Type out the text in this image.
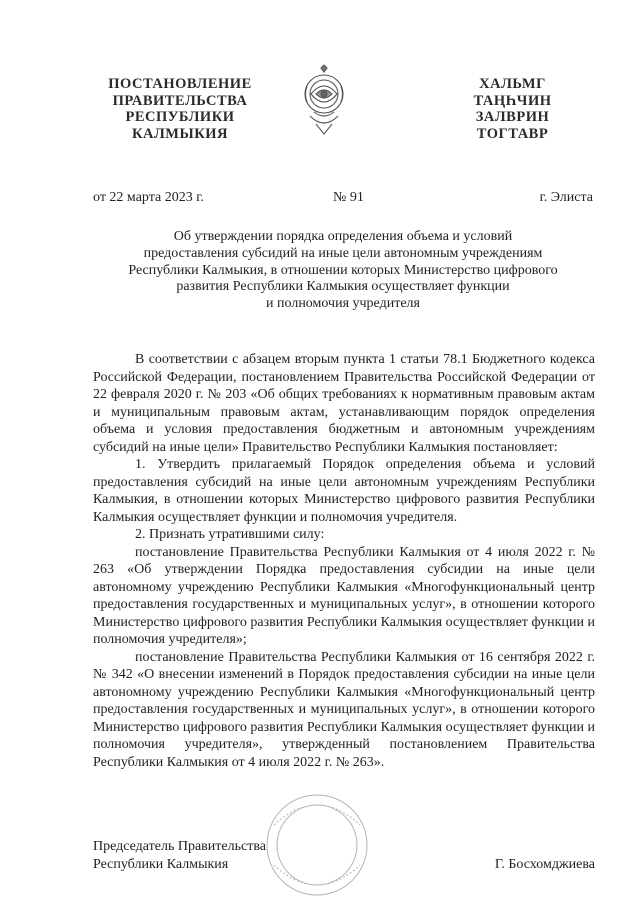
ПОСТАНОВЛЕНИЕ
ПРАВИТЕЛЬСТВА
РЕСПУБЛИКИ
КАЛМЫКИЯ
ХАЛЬМГ
ТАҢҺЧИН
ЗАЛВРИН
ТОГТАВР
от 22 марта 2023 г.	№ 91	г. Элиста
Об утверждении порядка определения объема и условий
предоставления субсидий на иные цели автономным учреждениям
Республики Калмыкия, в отношении которых Министерство цифрового
развития Республики Калмыкия осуществляет функции
и полномочия учредителя

В соответствии с абзацем вторым пункта 1 статьи 78.1 Бюджетного кодекса Российской Федерации, постановлением Правительства Российской Федерации от 22 февраля 2020 г. № 203 «Об общих требованиях к нормативным правовым актам и муниципальным правовым актам, устанавливающим порядок определения объема и условия предоставления бюджетным и автономным учреждениям субсидий на иные цели» Правительство Республики Калмыкия постановляет:

1. Утвердить прилагаемый Порядок определения объема и условий предоставления субсидий на иные цели автономным учреждениям Республики Калмыкия, в отношении которых Министерство цифрового развития Республики Калмыкия осуществляет функции и полномочия учредителя.

2. Признать утратившими силу:

постановление Правительства Республики Калмыкия от 4 июля 2022 г. № 263 «Об утверждении Порядка предоставления субсидии на иные цели автономному учреждению Республики Калмыкия «Многофункциональный центр предоставления государственных и муниципальных услуг», в отношении которого Министерство цифрового развития Республики Калмыкия осуществляет функции и полномочия учредителя»;

постановление Правительства Республики Калмыкия от 16 сентября 2022 г. № 342 «О внесении изменений в Порядок предоставления субсидии на иные цели автономному учреждению Республики Калмыкия «Многофункциональный центр предоставления государственных и муниципальных услуг», в отношении которого Министерство цифрового развития Республики Калмыкия осуществляет функции и полномочия учредителя», утвержденный постановлением Правительства Республики Калмыкия от 4 июля 2022 г. № 263».

Председатель Правительства
Республики Калмыкия	Г. Босхомджиева
